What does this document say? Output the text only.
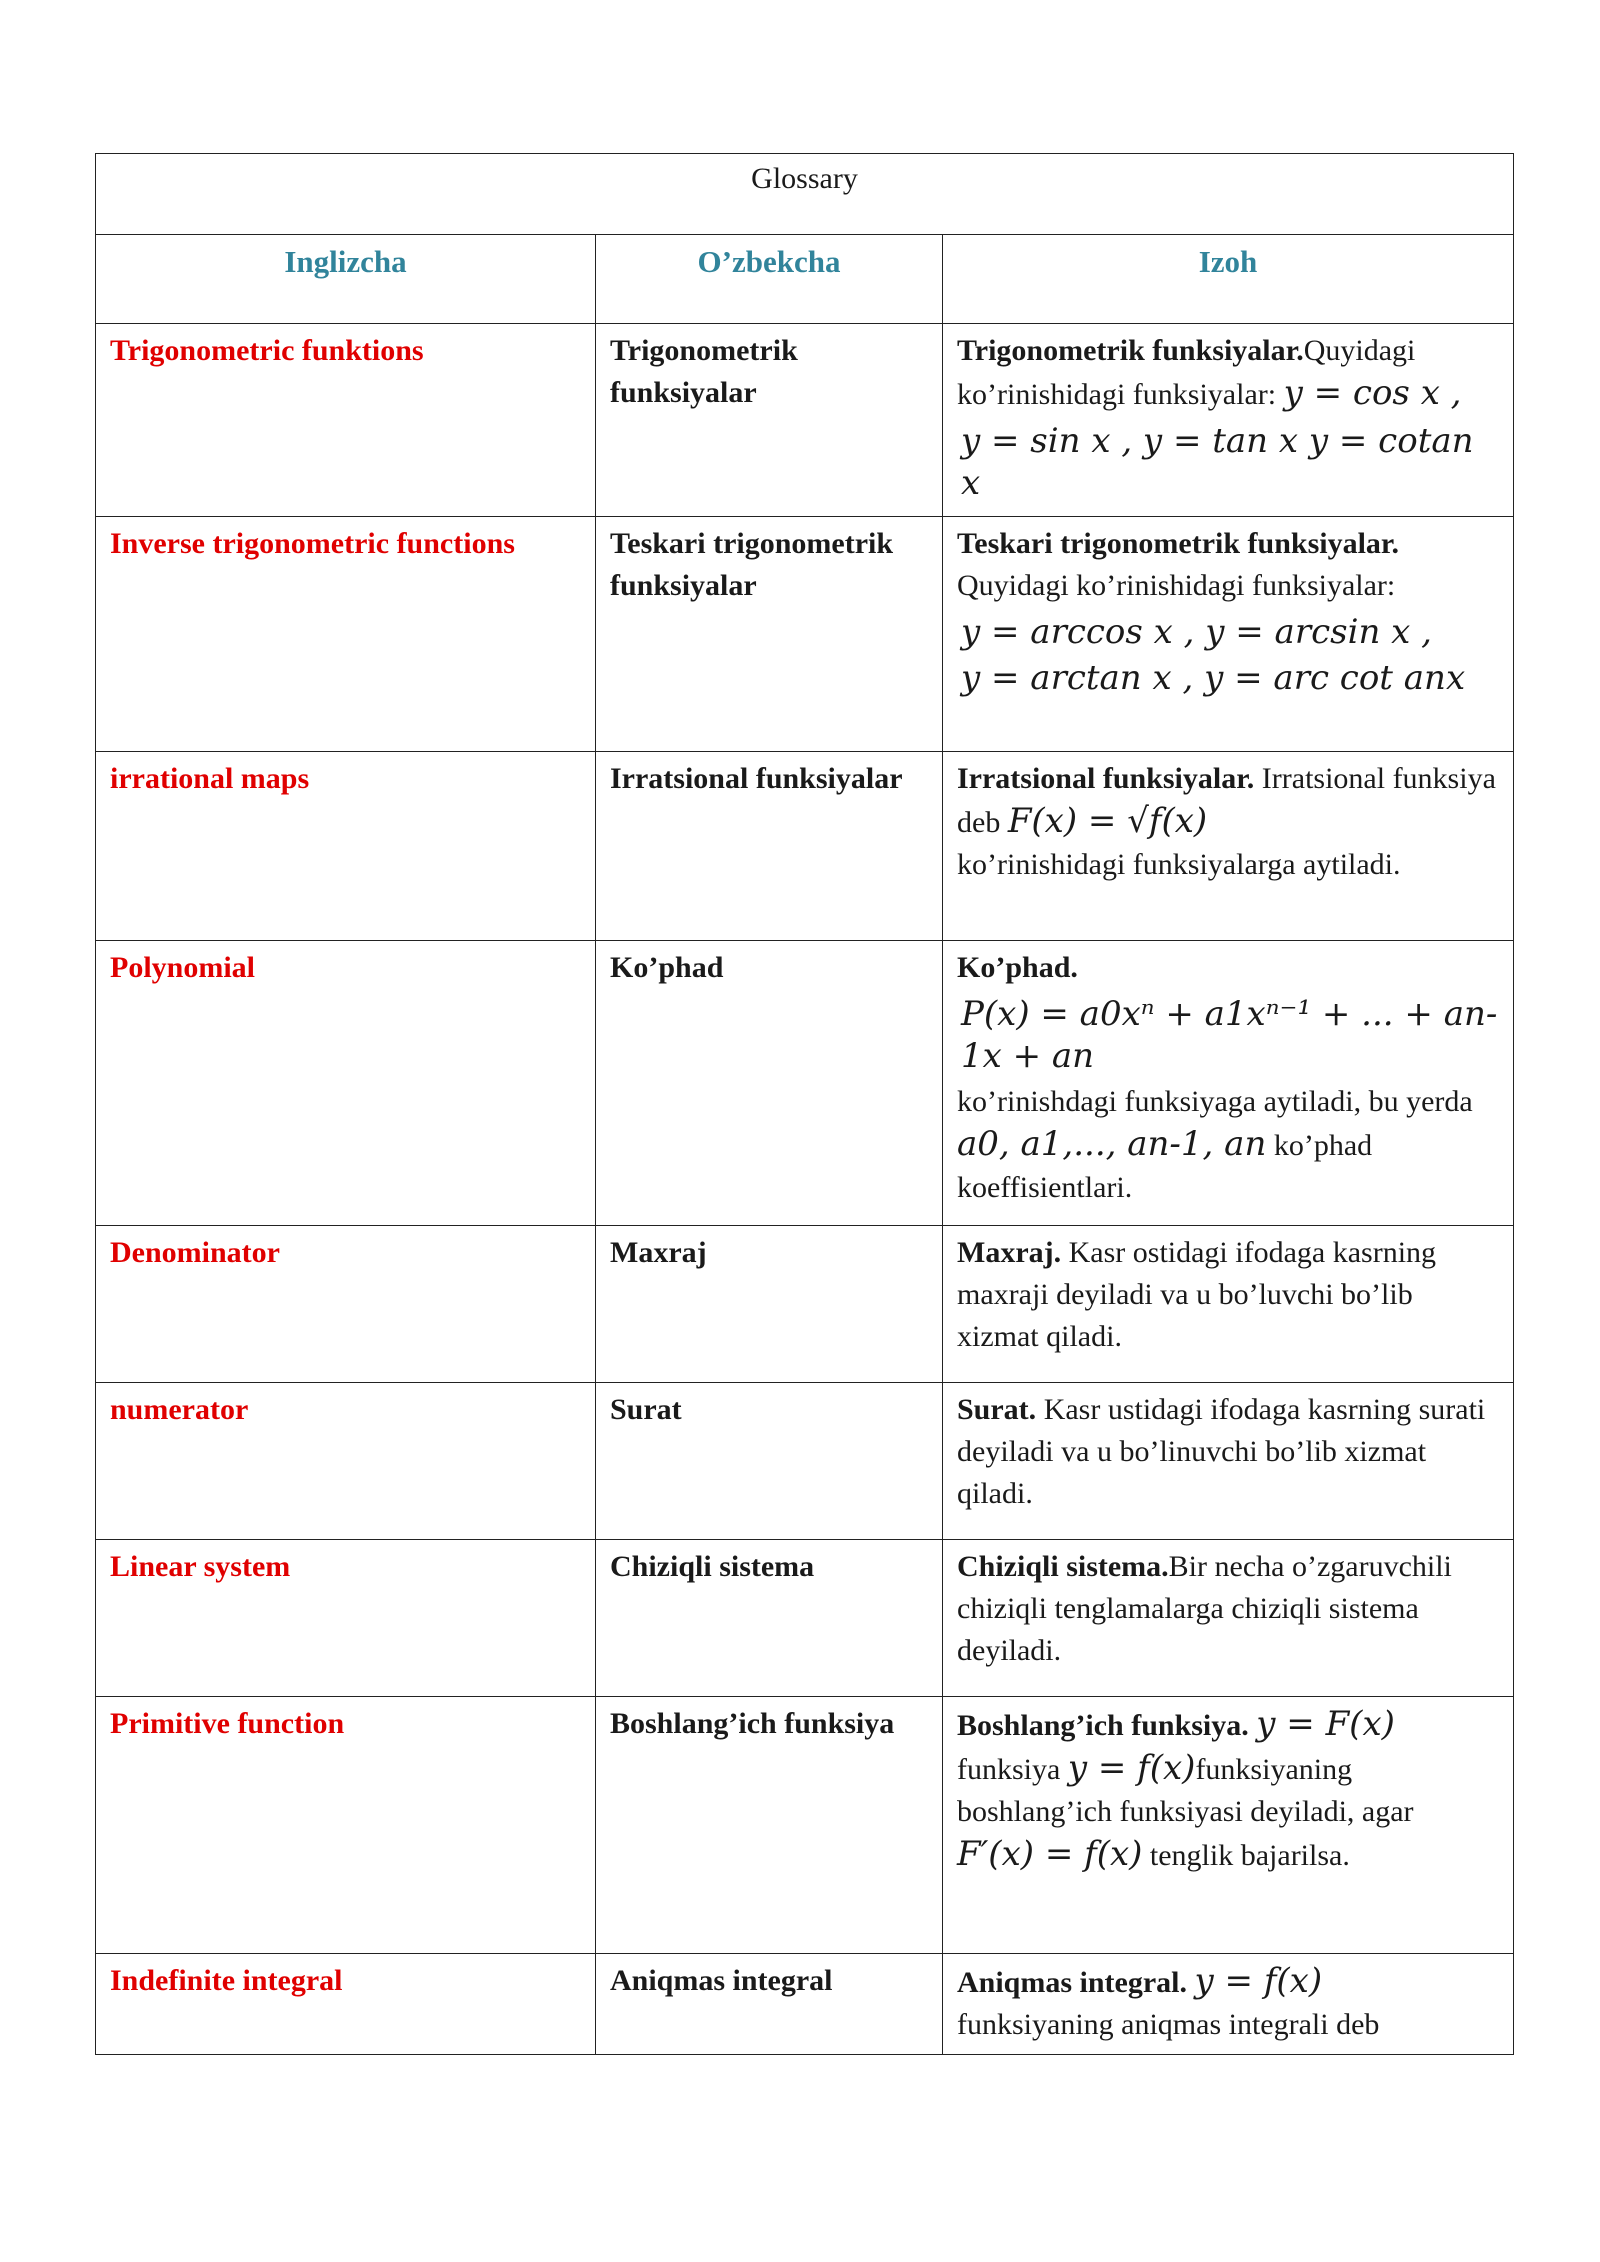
Glossary		
Inglizcha	O’zbekcha	Izoh
Trigonometric funktions	Trigonometrik funksiyalar	Trigonometrik funksiyalar.Quyidagi ko’rinishidagi funksiyalar: y = cos x ,
y = sin x , y = tan x y = cotan x

Inverse trigonometric functions	Teskari trigonometrik funksiyalar	Teskari trigonometrik funksiyalar.
Quyidagi ko’rinishidagi funksiyalar:
y = arccos x , y = arcsin x ,
y = arctan x , y = arc cot anx

irrational maps	Irratsional funksiyalar	Irratsional funksiyalar. Irratsional funksiya deb F(x) = √f(x)
ko’rinishidagi funksiyalarga aytiladi.
Polynomial	Ko’phad	Ko’phad.
P(x) = a0xⁿ + a1xⁿ⁻¹ + ... + an-1x + an
ko’rinishdagi funksiyaga aytiladi, bu yerda a0, a1,..., an-1, an ko’phad koeffisientlari.
Denominator	Maxraj	Maxraj. Kasr ostidagi ifodaga kasrning maxraji deyiladi va u bo’luvchi bo’lib xizmat qiladi.
numerator	Surat	Surat. Kasr ustidagi ifodaga kasrning surati deyiladi va u bo’linuvchi bo’lib xizmat qiladi.
Linear system	Chiziqli sistema	Chiziqli sistema.Bir necha o’zgaruvchili chiziqli tenglamalarga chiziqli sistema deyiladi.
Primitive function	Boshlang’ich funksiya	Boshlang’ich funksiya. y = F(x)
funksiya y = f(x)funksiyaning boshlang’ich funksiyasi deyiladi, agar
F′(x) = f(x) tenglik bajarilsa.
Indefinite integral	Aniqmas integral	Aniqmas integral. y = f(x)
funksiyaning aniqmas integrali deb
